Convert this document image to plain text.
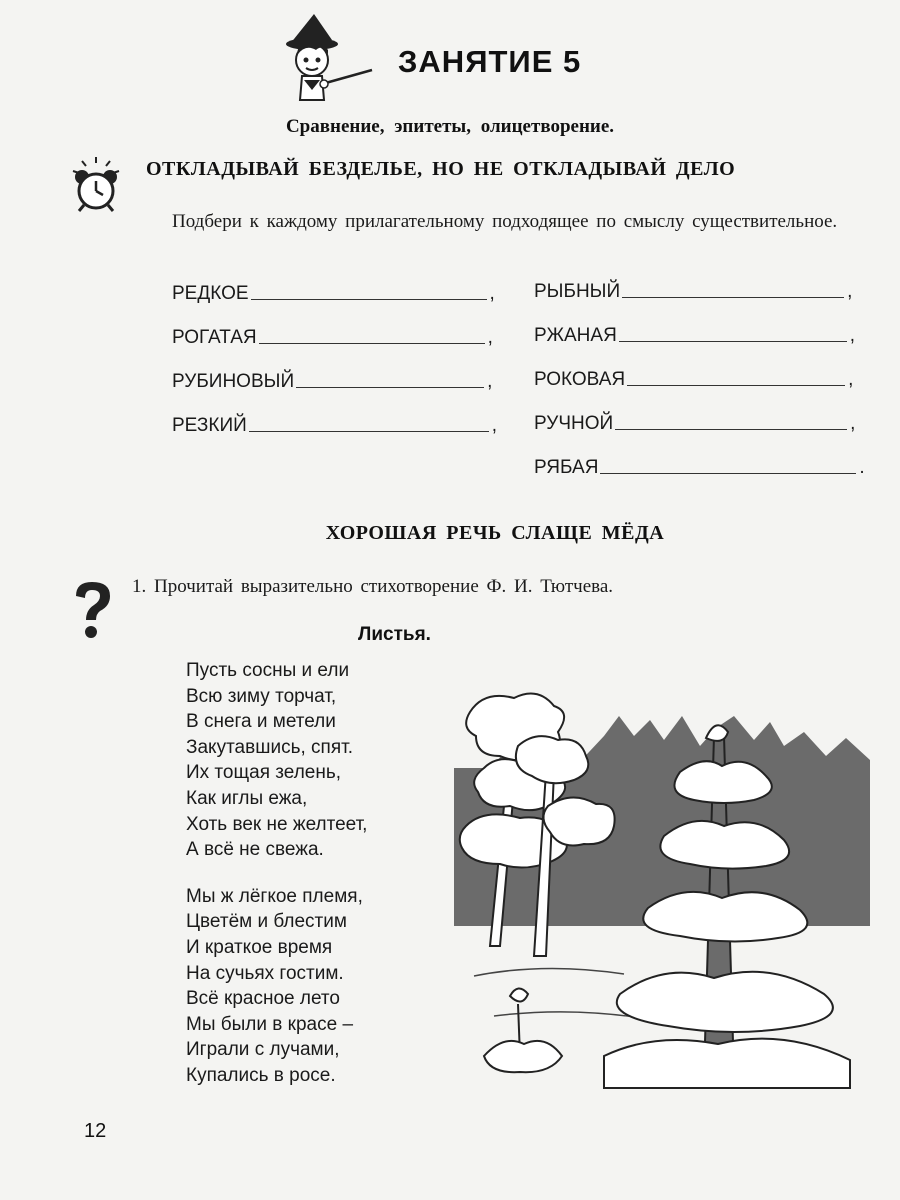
ЗАНЯТИЕ 5
Сравнение, эпитеты, олицетворение.
ОТКЛАДЫВАЙ БЕЗДЕЛЬЕ, НО НЕ ОТКЛАДЫВАЙ ДЕЛО
Подбери к каждому прилагательному подходящее по смыслу существительное.
РЕДКОЕ	,
РОГАТАЯ	,
РУБИНОВЫЙ	,
РЕЗКИЙ	,
РЫБНЫЙ	,
РЖАНАЯ	,
РОКОВАЯ	,
РУЧНОЙ	,
РЯБАЯ	.
ХОРОШАЯ РЕЧЬ СЛАЩЕ МЁДА
1. Прочитай выразительно стихотворение Ф. И. Тютчева.
Листья.
Пусть сосны и ели
Всю зиму торчат,
В снега и метели
Закутавшись, спят.
Их тощая зелень,
Как иглы ежа,
Хоть век не желтеет,
А всё не свежа.
Мы ж лёгкое племя,
Цветём и блестим
И краткое время
На сучьях гостим.
Всё красное лето
Мы были в красе –
Играли с лучами,
Купались в росе.
12
